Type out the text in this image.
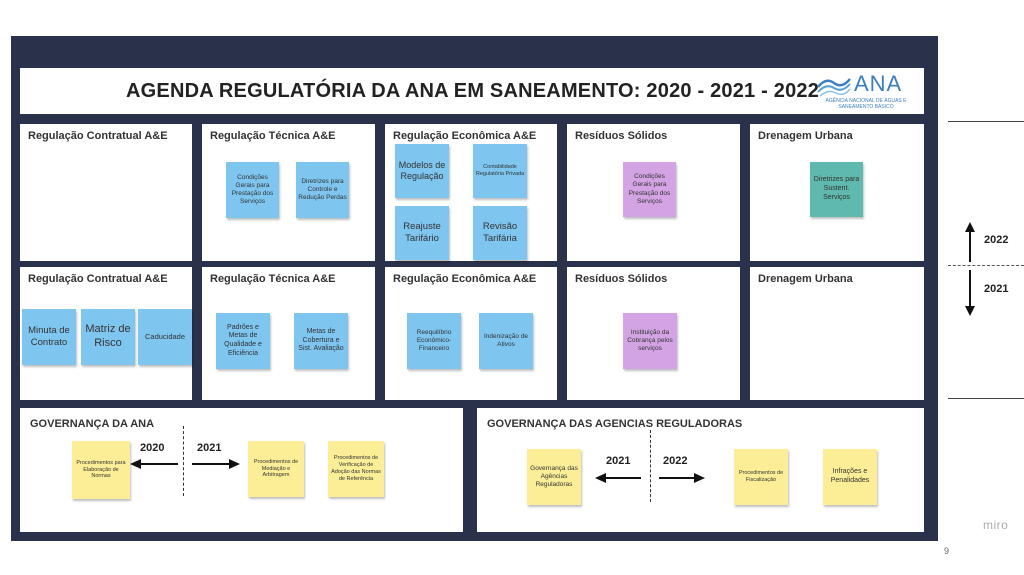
AGENDA REGULATÓRIA DA ANA EM SANEAMENTO: 2020 - 2021 - 2022 ANA
AGÊNCIA NACIONAL DE ÁGUAS E SANEAMENTO BÁSICO
Regulação Contratual A&E	Regulação Técnica A&E
Condições Gerais para Prestação dos Serviços
Diretrizes para Controle e Redução Perdas
Regulação Econômica A&E
Modelos de Regulação
Contabilidade Regulatória Privada
Reajuste Tarifário
Revisão Tarifária
Resíduos Sólidos
Condições Gerais para Prestação dos Serviços
Drenagem Urbana
Diretrizes para Sustent. Serviços
Regulação Contratual A&E
Minuta de Contrato
Matriz de Risco
Caducidade
Regulação Técnica A&E
Padrões e Metas de Qualidade e Eficiência
Metas de Cobertura e Sist. Avaliação
Regulação Econômica A&E
Reequilíbrio Econômico-Financeiro
Indenização de Ativos
Resíduos Sólidos
Instituição da Cobrança pelos serviços
Drenagem Urbana
GOVERNANÇA DA ANA
Procedimentos para Elaboração de Normas
2020	2021
Procedimentos de Mediação e Arbitragem
Procedimentos de Verificação de Adoção das Normas de Referência
GOVERNANÇA DAS AGENCIAS REGULADORAS
Governança das Agências Reguladoras
2021	2022
Procedimentos de Fiscalização
Infrações e Penalidades
2022
2021
miro
9
